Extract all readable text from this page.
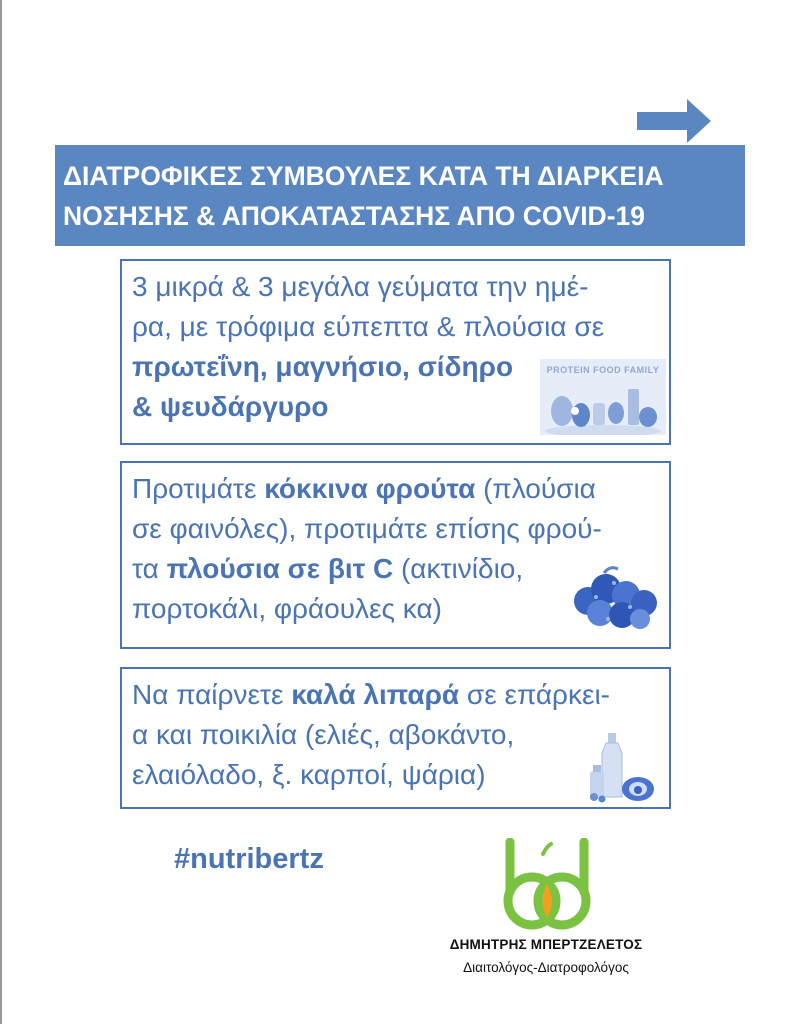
ΔΙΑΤΡΟΦΙΚΕΣ ΣΥΜΒΟΥΛΕΣ ΚΑΤΑ ΤΗ ΔΙΑΡΚΕΙΑ
ΝΟΣΗΣΗΣ & ΑΠΟΚΑΤΑΣΤΑΣΗΣ ΑΠΟ COVID-19
3 μικρά & 3 μεγάλα γεύματα την ημέ-
ρα, με τρόφιμα εύπεπτα & πλούσια σε
πρωτεΐνη, μαγνήσιο, σίδηρο
& ψευδάργυρο
PROTEIN FOOD FAMILY
Προτιμάτε κόκκινα φρούτα (πλούσια
σε φαινόλες), προτιμάτε επίσης φρού-
τα πλούσια σε βιτ C (ακτινίδιο,
πορτοκάλι, φράουλες κα)
Να παίρνετε καλά λιπαρά σε επάρκει-
α και ποικιλία (ελιές, αβοκάντο,
ελαιόλαδο, ξ. καρποί, ψάρια)
#nutribertz
ΔΗΜΗΤΡΗΣ ΜΠΕΡΤΖΕΛΕΤΟΣ
Διαιτολόγος-Διατροφολόγος
